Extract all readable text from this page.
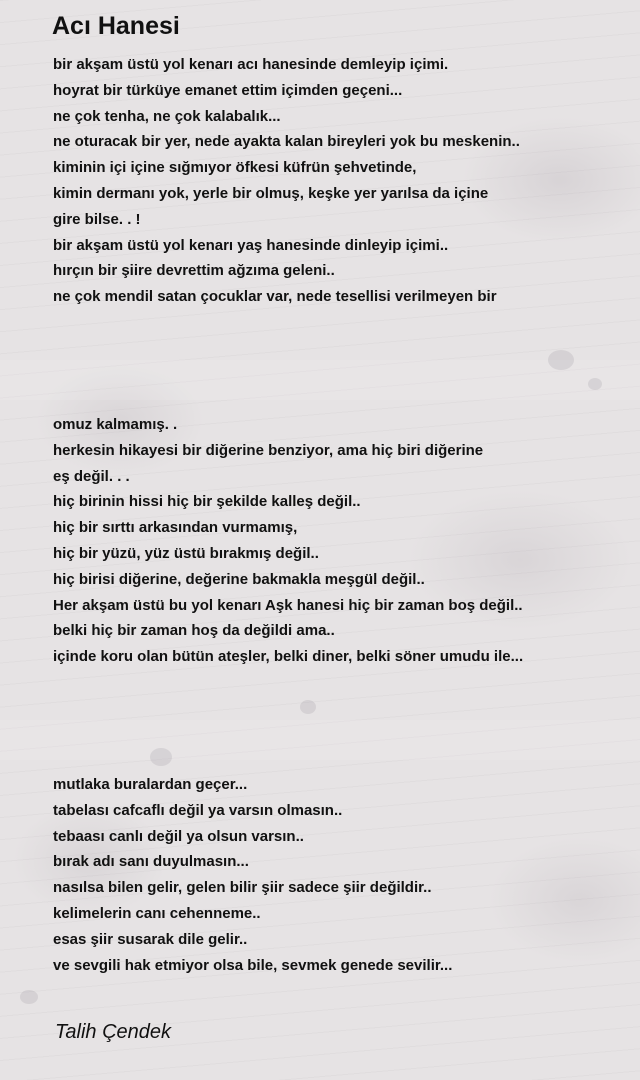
Acı Hanesi
bir akşam üstü yol kenarı acı hanesinde demleyip içimi.
hoyrat bir türküye emanet ettim içimden geçeni...
ne çok tenha, ne çok kalabalık...
ne oturacak bir yer, nede ayakta kalan bireyleri yok bu meskenin..
kiminin içi içine sığmıyor öfkesi küfrün şehvetinde,
kimin dermanı yok, yerle bir olmuş, keşke yer yarılsa da içine
gire bilse. . !
bir akşam üstü yol kenarı yaş hanesinde dinleyip içimi..
hırçın bir şiire devrettim ağzıma geleni..
ne çok mendil satan çocuklar var, nede tesellisi verilmeyen bir
omuz kalmamış. .
herkesin hikayesi bir diğerine benziyor, ama hiç biri diğerine
eş değil. . .
hiç birinin hissi hiç bir şekilde kalleş değil..
hiç bir sırttı arkasından vurmamış,
hiç bir yüzü, yüz üstü bırakmış değil..
hiç birisi diğerine, değerine bakmakla meşgül değil..
Her akşam üstü bu yol kenarı Aşk hanesi hiç bir zaman boş değil..
belki hiç bir zaman hoş da değildi ama..
içinde koru olan bütün ateşler, belki diner, belki söner umudu ile...
mutlaka buralardan geçer...
tabelası cafcaflı değil ya varsın olmasın..
tebaası canlı değil ya olsun varsın..
bırak adı sanı duyulmasın...
nasılsa bilen gelir, gelen bilir şiir sadece şiir değildir..
kelimelerin canı cehenneme..
esas şiir susarak dile gelir..
ve sevgili hak etmiyor olsa bile, sevmek genede sevilir...

Talih Çendek
